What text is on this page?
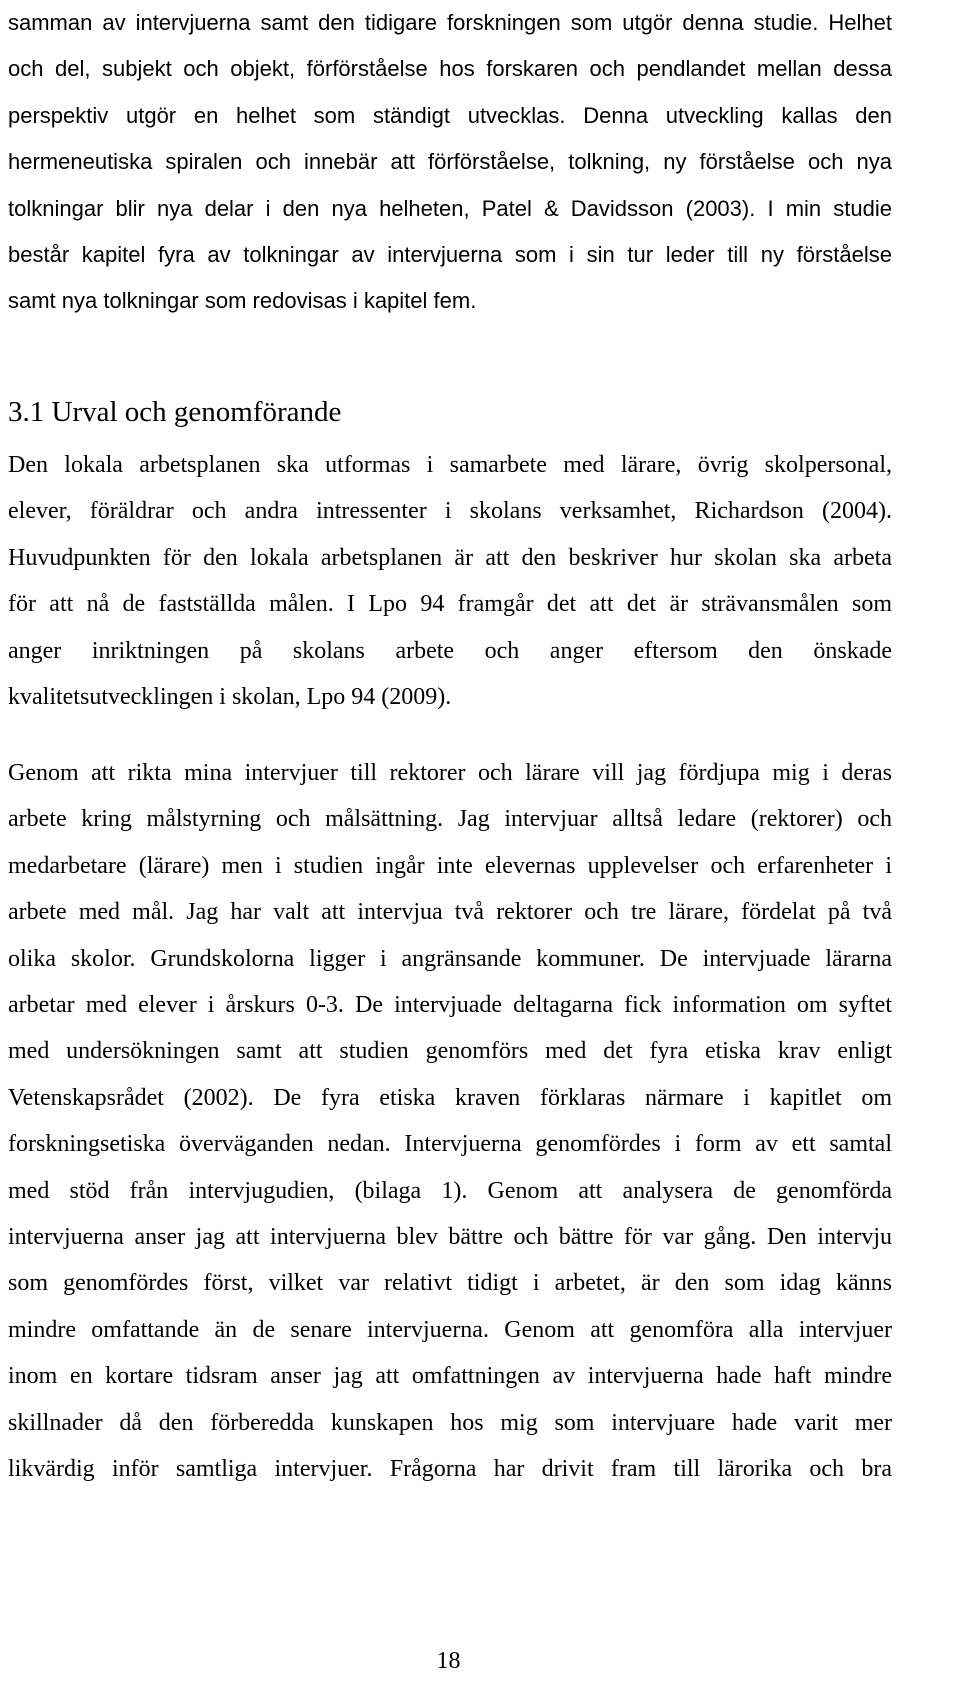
samman av intervjuerna samt den tidigare forskningen som utgör denna studie. Helhet
och del, subjekt och objekt, förförståelse hos forskaren och pendlandet mellan dessa
perspektiv utgör en helhet som ständigt utvecklas. Denna utveckling kallas den
hermeneutiska spiralen och innebär att förförståelse, tolkning, ny förståelse och nya
tolkningar blir nya delar i den nya helheten, Patel & Davidsson (2003). I min studie
består kapitel fyra av tolkningar av intervjuerna som i sin tur leder till ny förståelse
samt nya tolkningar som redovisas i kapitel fem.
3.1 Urval och genomförande
Den lokala arbetsplanen ska utformas i samarbete med lärare, övrig skolpersonal,
elever, föräldrar och andra intressenter i skolans verksamhet, Richardson (2004).
Huvudpunkten för den lokala arbetsplanen är att den beskriver hur skolan ska arbeta
för att nå de fastställda målen. I Lpo 94 framgår det att det är strävansmålen som
anger inriktningen på skolans arbete och anger eftersom den önskade
kvalitetsutvecklingen i skolan, Lpo 94 (2009).
Genom att rikta mina intervjuer till rektorer och lärare vill jag fördjupa mig i deras
arbete kring målstyrning och målsättning. Jag intervjuar alltså ledare (rektorer) och
medarbetare (lärare) men i studien ingår inte elevernas upplevelser och erfarenheter i
arbete med mål. Jag har valt att intervjua två rektorer och tre lärare, fördelat på två
olika skolor. Grundskolorna ligger i angränsande kommuner. De intervjuade lärarna
arbetar med elever i årskurs 0-3. De intervjuade deltagarna fick information om syftet
med undersökningen samt att studien genomförs med det fyra etiska krav enligt
Vetenskapsrådet (2002). De fyra etiska kraven förklaras närmare i kapitlet om
forskningsetiska överväganden nedan. Intervjuerna genomfördes i form av ett samtal
med stöd från intervjugudien, (bilaga 1). Genom att analysera de genomförda
intervjuerna anser jag att intervjuerna blev bättre och bättre för var gång. Den intervju
som genomfördes först, vilket var relativt tidigt i arbetet, är den som idag känns
mindre omfattande än de senare intervjuerna. Genom att genomföra alla intervjuer
inom en kortare tidsram anser jag att omfattningen av intervjuerna hade haft mindre
skillnader då den förberedda kunskapen hos mig som intervjuare hade varit mer
likvärdig inför samtliga intervjuer. Frågorna har drivit fram till lärorika och bra
18
